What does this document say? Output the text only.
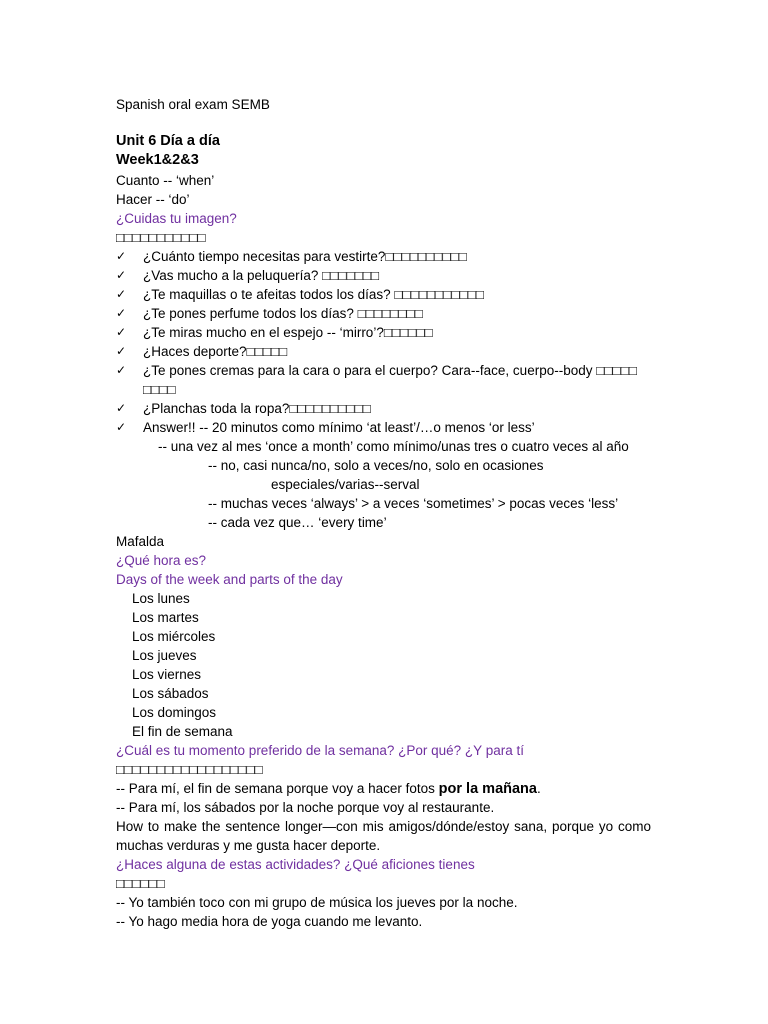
Spanish oral exam SEMB
Unit 6 Día a día
Week1&2&3
Cuanto -- ‘when’
Hacer -- ‘do’
¿Cuidas tu imagen?
□□□□□□□□□□□
✓ ¿Cuánto tiempo necesitas para vestirte?□□□□□□□□□□
✓ ¿Vas mucho a la peluquería? □□□□□□□
✓ ¿Te maquillas o te afeitas todos los días? □□□□□□□□□□□
✓ ¿Te pones perfume todos los días? □□□□□□□□
✓ ¿Te miras mucho en el espejo -- ‘mirro’?□□□□□□
✓ ¿Haces deporte?□□□□□
✓ ¿Te pones cremas para la cara o para el cuerpo? Cara--face, cuerpo--body □□□□□
□□□□
✓ ¿Planchas toda la ropa?□□□□□□□□□□
✓ Answer!! -- 20 minutos como mínimo ‘at least’/…o menos ‘or less’
-- una vez al mes ‘once a month’ como mínimo/unas tres o cuatro veces al año
-- no, casi nunca/no, solo a veces/no, solo en ocasiones
especiales/varias--serval
-- muchas veces ‘always’ > a veces ‘sometimes’ > pocas veces ‘less’
-- cada vez que… ‘every time’
Mafalda
¿Qué hora es?
Days of the week and parts of the day
Los lunes
Los martes
Los miércoles
Los jueves
Los viernes
Los sábados
Los domingos
El fin de semana
¿Cuál es tu momento preferido de la semana? ¿Por qué? ¿Y para tí
□□□□□□□□□□□□□□□□□□
-- Para mí, el fin de semana porque voy a hacer fotos por la mañana.
-- Para mí, los sábados por la noche porque voy al restaurante.
How to make the sentence longer—con mis amigos/dónde/estoy sana, porque yo como muchas verduras y me gusta hacer deporte.
¿Haces alguna de estas actividades? ¿Qué aficiones tienes
□□□□□□
-- Yo también toco con mi grupo de música los jueves por la noche.
-- Yo hago media hora de yoga cuando me levanto.
